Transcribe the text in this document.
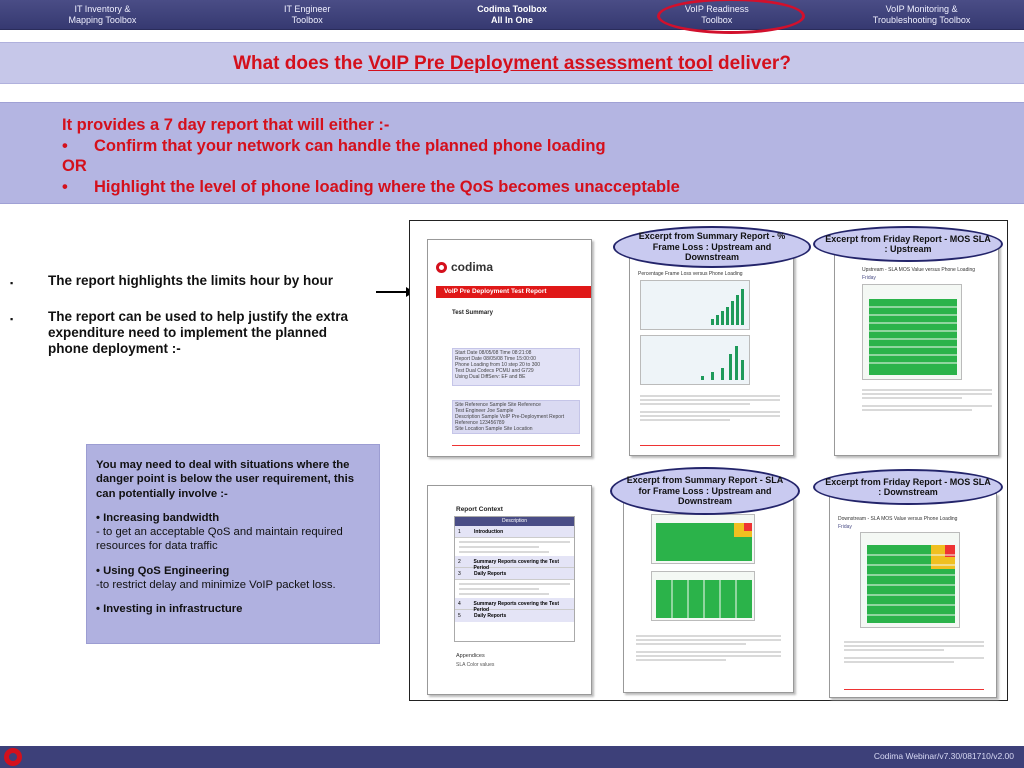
IT Inventory &
Mapping Toolbox
IT Engineer
Toolbox
Codima Toolbox
All In One
VoIP Readiness
Toolbox
VoIP Monitoring &
Troubleshooting Toolbox
What does the VoIP Pre Deployment assessment tool deliver?
It provides a 7 day report that will either :-
• Confirm that your network can handle the planned phone loading
OR
• Highlight the level of phone loading where the QoS becomes unacceptable
▪	The report highlights the limits hour by hour
▪	The report can be used to help justify the extra expenditure need to implement the planned phone deployment :-
You may need to deal with situations where the danger point is below the user requirement, this can potentially involve :-
• Increasing bandwidth
- to get an acceptable QoS and maintain required resources for data traffic
• Using QoS Engineering
-to restrict delay and minimize VoIP packet loss.
• Investing in infrastructure
codima
VoIP Pre Deployment Test Report
Test Summary
Start Date 08/05/08 Time 08:21:08
Report Date 08/05/08 Time 15:00:00
Phone Loading from 10 step 20 to 300
Test Dual Codecs PCMU and G729
Using Dual DiffServ: EF and BE
Site Reference Sample Site Reference
Test Engineer Joe Sample
Description Sample VoIP Pre-Deployment Report
Reference 123456789
Site Location Sample Site Location
Report Context
Description
1	Introduction
2	Summary Reports covering the Test Period
3	Daily Reports
4	Summary Reports covering the Test Period
5	Daily Reports
Appendices
SLA Color values
Percentage Frame Loss versus Phone Loading
Upstream - SLA MOS Value versus Phone Loading
Friday
Downstream - SLA MOS Value versus Phone Loading
Friday
Excerpt from Summary Report - % Frame Loss : Upstream and Downstream
Excerpt from Friday Report - MOS SLA : Upstream
Excerpt from Summary Report - SLA for Frame Loss : Upstream and Downstream
Excerpt from Friday Report - MOS SLA : Downstream
Codima Webinar/v7.30/081710/v2.00
